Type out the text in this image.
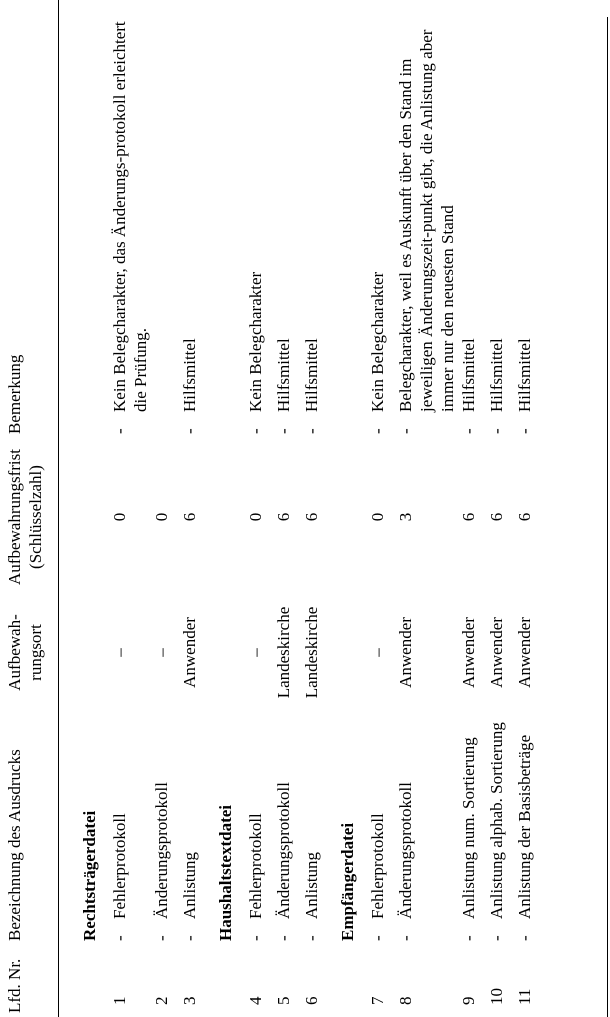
Lfd. Nr.	Bezeichnung des Ausdrucks	Aufbewah- rungsort	Aufbewahrungsfrist (Schlüsselzahl)	Bemerkung
	Rechtsträgerdatei			
1	-Fehlerprotokoll	–	0	-
Kein Belegcharakter, das Änderungs-protokoll erleichtert die Prüfung.

2	-Änderungsprotokoll	–	0	
3	-Anlistung	Anwender	6	-Hilfsmittel
	Haushaltstextdatei			
4	-Fehlerprotokoll	–	0	-Kein Belegcharakter
5	-Änderungsprotokoll	Landeskirche	6	-Hilfsmittel
6	-Anlistung	Landeskirche	6	-Hilfsmittel
	Empfängerdatei			
7	-Fehlerprotokoll	–	0	-Kein Belegcharakter
8	-Änderungsprotokoll	Anwender	3	-
Belegcharakter, weil es Auskunft über den Stand im jeweiligen Änderungszeit-punkt gibt, die Anlistung aber immer nur den neuesten Stand

9	-Anlistung num. Sortierung	Anwender	6	-Hilfsmittel
10	-Anlistung alphab. Sortierung	Anwender	6	-Hilfsmittel
11	-Anlistung der Basisbeträge	Anwender	6	-Hilfsmittel
